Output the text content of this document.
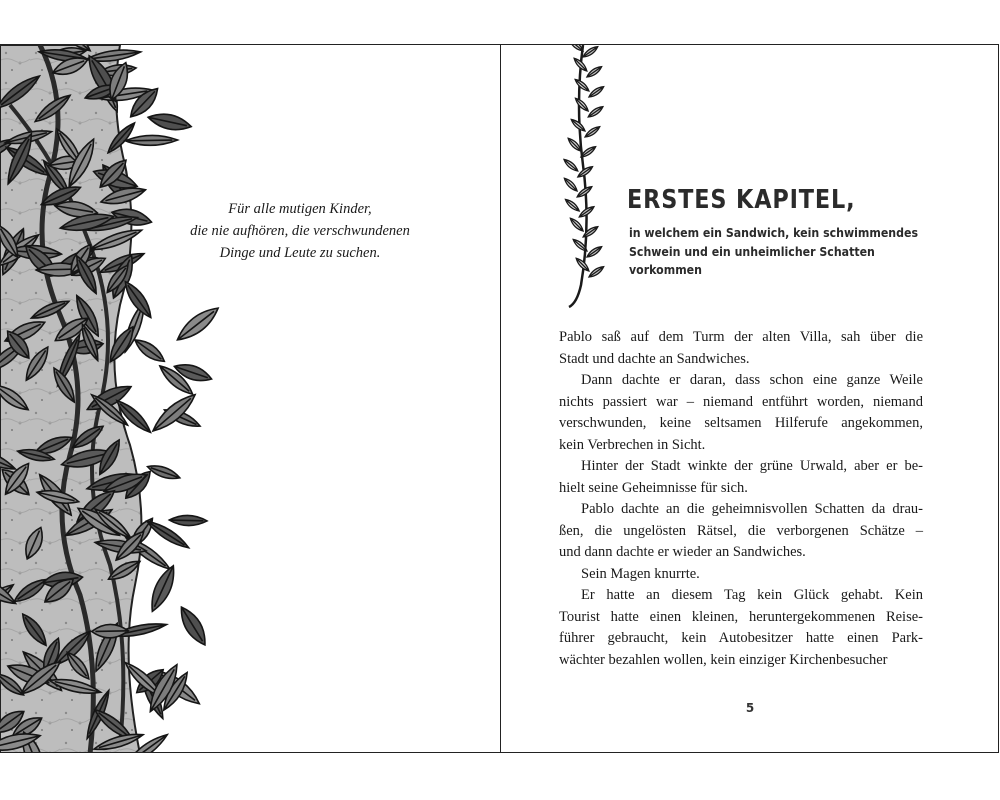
Für alle mutigen Kinder,
die nie aufhören, die verschwundenen
Dinge und Leute zu suchen.
ERSTES KAPITEL,
in welchem ein Sandwich, kein schwimmendes
Schwein und ein unheimlicher Schatten
vorkommen

Pablo saß auf dem Turm der alten Villa, sah über die
Stadt und dachte an Sandwiches.

Dann dachte er daran, dass schon eine ganze Weile
nichts passiert war – niemand entführt worden, niemand
verschwunden, keine seltsamen Hilferufe angekommen,
kein Verbrechen in Sicht.

Hinter der Stadt winkte der grüne Urwald, aber er be-
hielt seine Geheimnisse für sich.

Pablo dachte an die geheimnisvollen Schatten da drau-
ßen, die ungelösten Rätsel, die verborgenen Schätze –
und dann dachte er wieder an Sandwiches.

Sein Magen knurrte.

Er hatte an diesem Tag kein Glück gehabt. Kein
Tourist hatte einen kleinen, heruntergekommenen Reise-
führer gebraucht, kein Autobesitzer hatte einen Park-
wächter bezahlen wollen, kein einziger Kirchenbesucher

5
